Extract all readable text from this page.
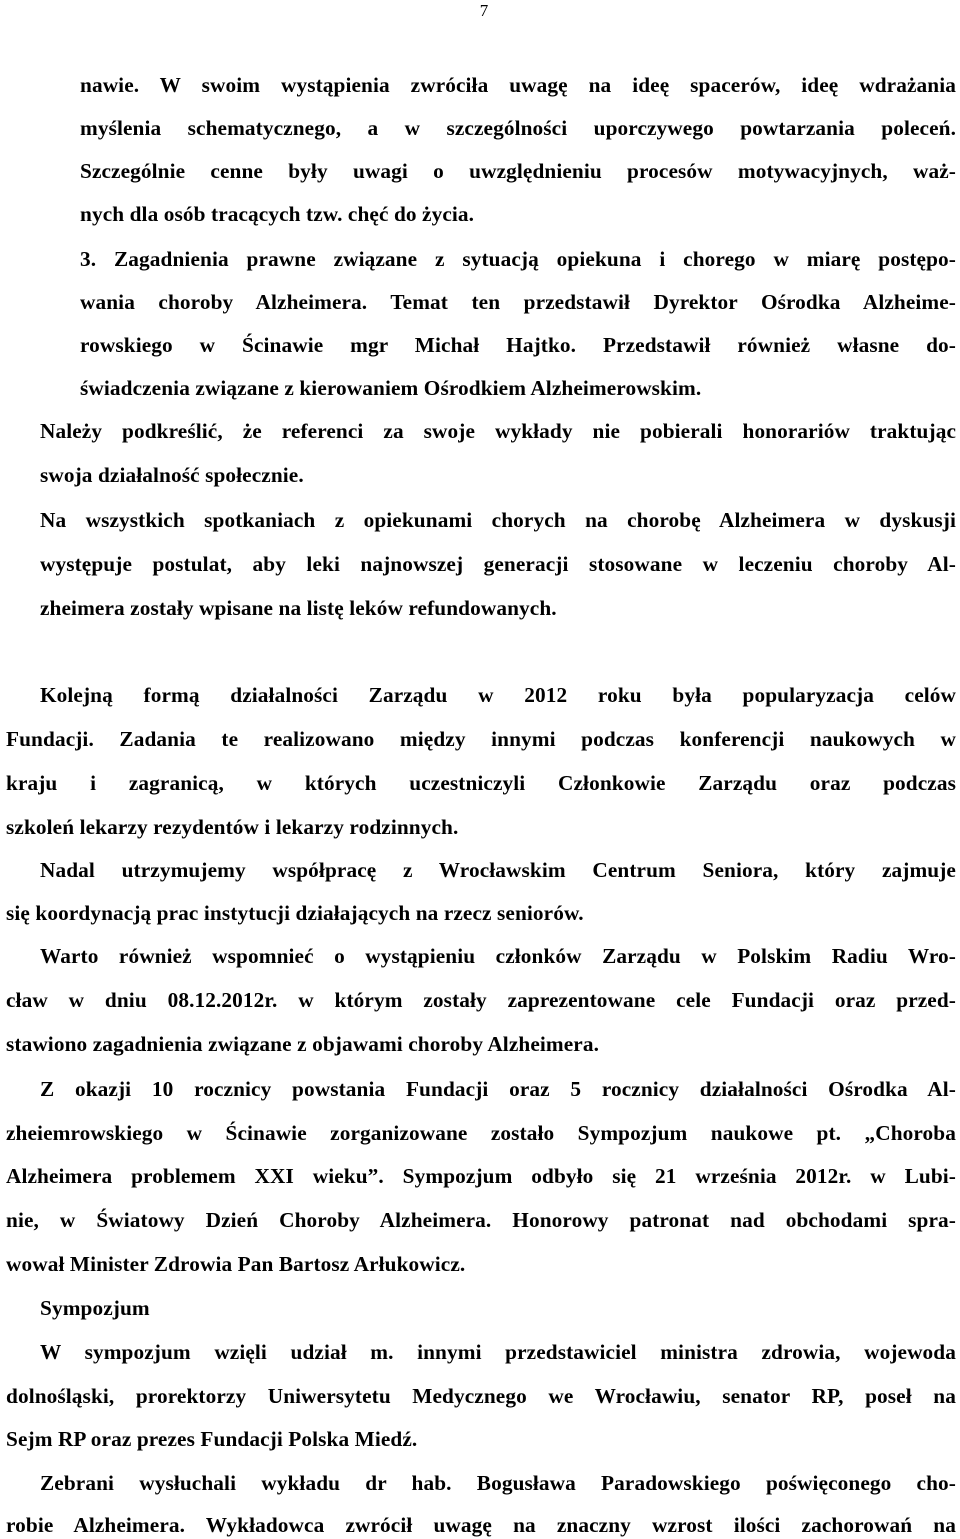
7
nawie. W swoim wystąpienia zwróciła uwagę na ideę spacerów, ideę wdrażania
myślenia schematycznego, a w szczególności uporczywego powtarzania poleceń.
Szczególnie cenne były uwagi o uwzględnieniu procesów motywacyjnych, waż-
nych dla osób tracących tzw. chęć do życia.
3. Zagadnienia prawne związane z sytuacją opiekuna i chorego w miarę postępo-
wania choroby Alzheimera. Temat ten przedstawił Dyrektor Ośrodka Alzheime-
rowskiego w Ścinawie mgr Michał Hajtko. Przedstawił również własne do-
świadczenia związane z kierowaniem Ośrodkiem Alzheimerowskim.
Należy podkreślić, że referenci za swoje wykłady nie pobierali honorariów traktując
swoja działalność społecznie.
Na wszystkich spotkaniach z opiekunami chorych na chorobę Alzheimera w dyskusji
występuje postulat, aby leki najnowszej generacji stosowane w leczeniu choroby Al-
zheimera zostały wpisane na listę leków refundowanych.
Kolejną formą działalności Zarządu w 2012 roku była popularyzacja celów
Fundacji. Zadania te realizowano między innymi podczas konferencji naukowych w
kraju i zagranicą, w których uczestniczyli Członkowie Zarządu oraz podczas
szkoleń lekarzy rezydentów i lekarzy rodzinnych.
Nadal utrzymujemy współpracę z Wrocławskim Centrum Seniora, który zajmuje
się koordynacją prac instytucji działających na rzecz seniorów.
Warto również wspomnieć o wystąpieniu członków Zarządu w Polskim Radiu Wro-
cław w dniu 08.12.2012r. w którym zostały zaprezentowane cele Fundacji oraz przed-
stawiono zagadnienia związane z objawami choroby Alzheimera.
Z okazji 10 rocznicy powstania Fundacji oraz 5 rocznicy działalności Ośrodka Al-
zheiemrowskiego w Ścinawie zorganizowane zostało Sympozjum naukowe pt. „Choroba
Alzheimera problemem XXI wieku”. Sympozjum odbyło się 21 września 2012r. w Lubi-
nie, w Światowy Dzień Choroby Alzheimera. Honorowy patronat nad obchodami spra-
wował Minister Zdrowia Pan Bartosz Arłukowicz.
Sympozjum
W sympozjum wzięli udział m. innymi przedstawiciel ministra zdrowia, wojewoda
dolnośląski, prorektorzy Uniwersytetu Medycznego we Wrocławiu, senator RP, poseł na
Sejm RP oraz prezes Fundacji Polska Miedź.
Zebrani wysłuchali wykładu dr hab. Bogusława Paradowskiego poświęconego cho-
robie Alzheimera. Wykładowca zwrócił uwagę na znaczny wzrost ilości zachorowań na
